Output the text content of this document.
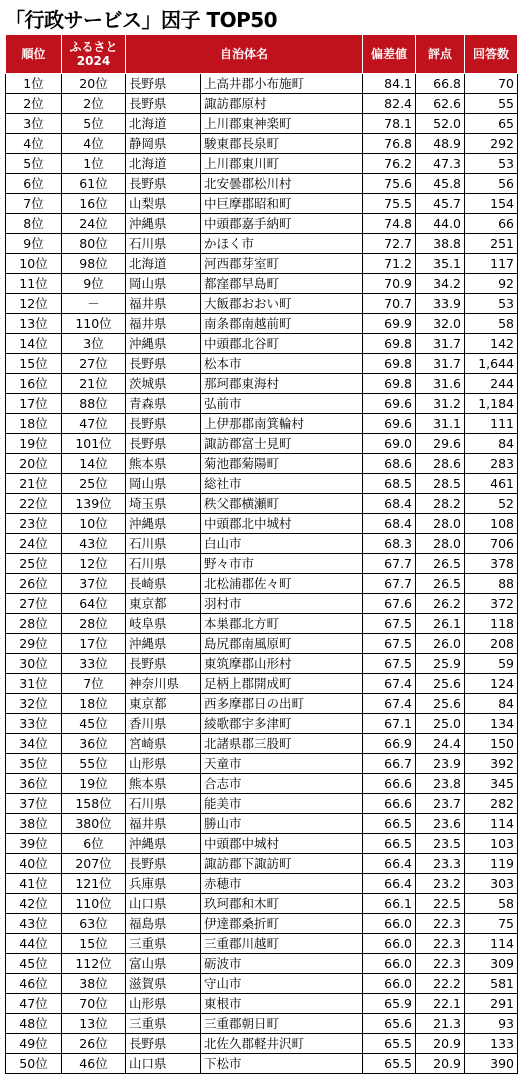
「行政サービス」因子 TOP50
順位	ふるさと
2024	自治体名		偏差値	評点	回答数
1位	20位	長野県	上高井郡小布施町	84.1	66.8	70
2位	2位	長野県	諏訪郡原村	82.4	62.6	55
3位	5位	北海道	上川郡東神楽町	78.1	52.0	65
4位	4位	静岡県	駿東郡長泉町	76.8	48.9	292
5位	1位	北海道	上川郡東川町	76.2	47.3	53
6位	61位	長野県	北安曇郡松川村	75.6	45.8	56
7位	16位	山梨県	中巨摩郡昭和町	75.5	45.7	154
8位	24位	沖縄県	中頭郡嘉手納町	74.8	44.0	66
9位	80位	石川県	かほく市	72.7	38.8	251
10位	98位	北海道	河西郡芽室町	71.2	35.1	117
11位	9位	岡山県	都窪郡早島町	70.9	34.2	92
12位	－	福井県	大飯郡おおい町	70.7	33.9	53
13位	110位	福井県	南条郡南越前町	69.9	32.0	58
14位	3位	沖縄県	中頭郡北谷町	69.8	31.7	142
15位	27位	長野県	松本市	69.8	31.7	1,644
16位	21位	茨城県	那珂郡東海村	69.8	31.6	244
17位	88位	青森県	弘前市	69.6	31.2	1,184
18位	47位	長野県	上伊那郡南箕輪村	69.6	31.1	111
19位	101位	長野県	諏訪郡富士見町	69.0	29.6	84
20位	14位	熊本県	菊池郡菊陽町	68.6	28.6	283
21位	25位	岡山県	総社市	68.5	28.5	461
22位	139位	埼玉県	秩父郡横瀬町	68.4	28.2	52
23位	10位	沖縄県	中頭郡北中城村	68.4	28.0	108
24位	43位	石川県	白山市	68.3	28.0	706
25位	12位	石川県	野々市市	67.7	26.5	378
26位	37位	長崎県	北松浦郡佐々町	67.7	26.5	88
27位	64位	東京都	羽村市	67.6	26.2	372
28位	28位	岐阜県	本巣郡北方町	67.5	26.1	118
29位	17位	沖縄県	島尻郡南風原町	67.5	26.0	208
30位	33位	長野県	東筑摩郡山形村	67.5	25.9	59
31位	7位	神奈川県	足柄上郡開成町	67.4	25.6	124
32位	18位	東京都	西多摩郡日の出町	67.4	25.6	84
33位	45位	香川県	綾歌郡宇多津町	67.1	25.0	134
34位	36位	宮崎県	北諸県郡三股町	66.9	24.4	150
35位	55位	山形県	天童市	66.7	23.9	392
36位	19位	熊本県	合志市	66.6	23.8	345
37位	158位	石川県	能美市	66.6	23.7	282
38位	380位	福井県	勝山市	66.5	23.6	114
39位	6位	沖縄県	中頭郡中城村	66.5	23.5	103
40位	207位	長野県	諏訪郡下諏訪町	66.4	23.3	119
41位	121位	兵庫県	赤穂市	66.4	23.2	303
42位	110位	山口県	玖珂郡和木町	66.1	22.5	58
43位	63位	福島県	伊達郡桑折町	66.0	22.3	75
44位	15位	三重県	三重郡川越町	66.0	22.3	114
45位	112位	富山県	砺波市	66.0	22.3	309
46位	38位	滋賀県	守山市	66.0	22.2	581
47位	70位	山形県	東根市	65.9	22.1	291
48位	13位	三重県	三重郡朝日町	65.6	21.3	93
49位	26位	長野県	北佐久郡軽井沢町	65.5	20.9	133
50位	46位	山口県	下松市	65.5	20.9	390
